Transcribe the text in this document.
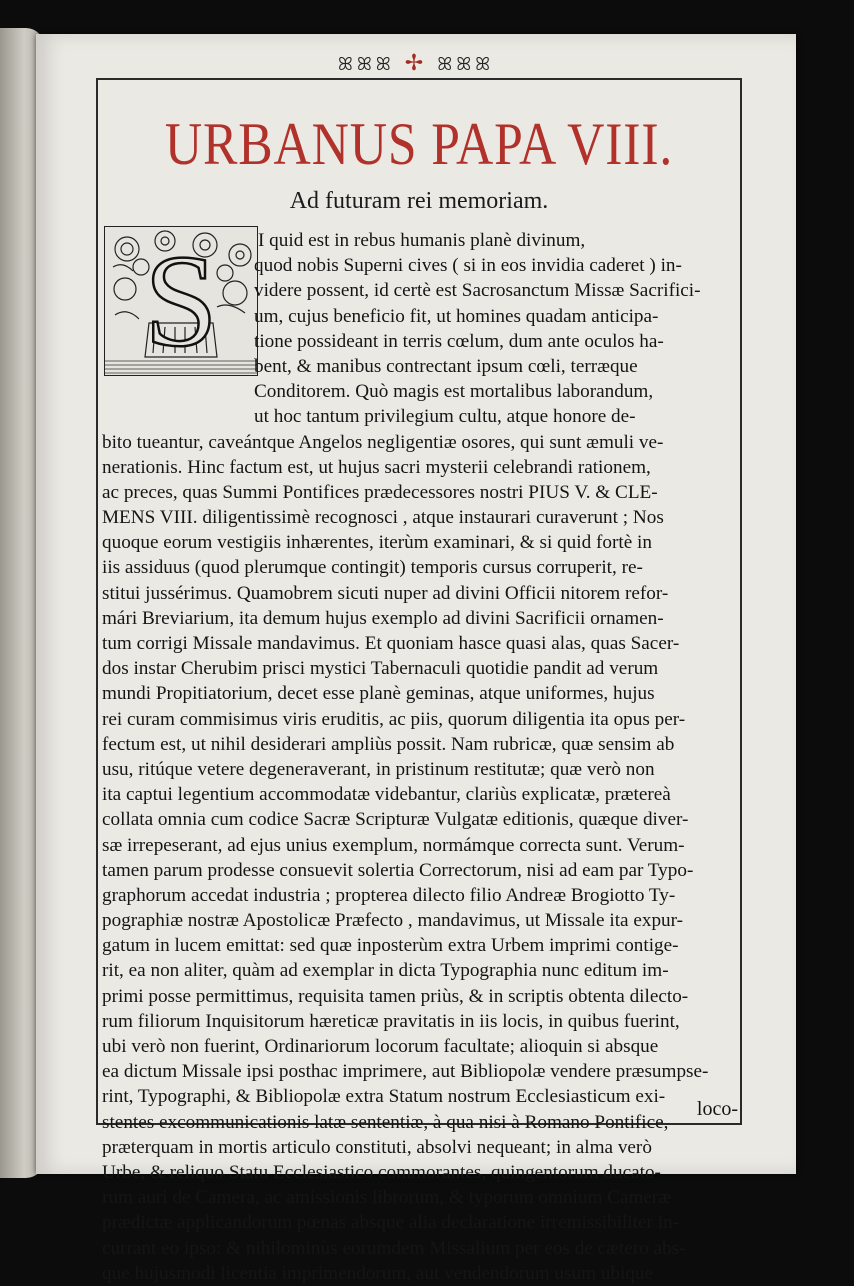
ꕤꕤꕤ ✢ ꕤꕤꕤ
URBANUS PAPA VIII.
Ad futuram rei memoriam.
S	I quid est in rebus humanis planè divinum,
quod nobis Superni cives ( si in eos invidia caderet ) in-
videre possent, id certè est Sacrosanctum Missæ Sacrifici-
um, cujus beneficio fit, ut homines quadam anticipa-
tione possideant in terris cœlum, dum ante oculos ha-
bent, & manibus contrectant ipsum cœli, terræque
Conditorem. Quò magis est mortalibus laborandum,
ut hoc tantum privilegium cultu, atque honore de-
bito tueantur, caveántque Angelos negligentiæ osores, qui sunt æmuli ve-
nerationis. Hinc factum est, ut hujus sacri mysterii celebrandi rationem,
ac preces, quas Summi Pontifices prædecessores nostri PIUS V. & CLE-
MENS VIII. diligentissimè recognosci , atque instaurari curaverunt ; Nos
quoque eorum vestigiis inhærentes, iterùm examinari, & si quid fortè in
iis assiduus (quod plerumque contingit) temporis cursus corruperit, re-
stitui jussérimus. Quamobrem sicuti nuper ad divini Officii nitorem refor-
mári Breviarium, ita demum hujus exemplo ad divini Sacrificii ornamen-
tum corrigi Missale mandavimus. Et quoniam hasce quasi alas, quas Sacer-
dos instar Cherubim prisci mystici Tabernaculi quotidie pandit ad verum
mundi Propitiatorium, decet esse planè geminas, atque uniformes, hujus
rei curam commisimus viris eruditis, ac piis, quorum diligentia ita opus per-
fectum est, ut nihil desiderari ampliùs possit. Nam rubricæ, quæ sensim ab
usu, ritúque vetere degeneraverant, in pristinum restitutæ; quæ verò non
ita captui legentium accommodatæ videbantur, clariùs explicatæ, prætereà
collata omnia cum codice Sacræ Scripturæ Vulgatæ editionis, quæque diver-
sæ irrepeserant, ad ejus unius exemplum, normámque correcta sunt. Verum-
tamen parum prodesse consuevit solertia Correctorum, nisi ad eam par Typo-
graphorum accedat industria ; propterea dilecto filio Andreæ Brogiotto Ty-
pographiæ nostræ Apostolicæ Præfecto , mandavimus, ut Missale ita expur-
gatum in lucem emittat: sed quæ inposterùm extra Urbem imprimi contige-
rit, ea non aliter, quàm ad exemplar in dicta Typographia nunc editum im-
primi posse permittimus, requisita tamen priùs, & in scriptis obtenta dilecto-
rum filiorum Inquisitorum hæreticæ pravitatis in iis locis, in quibus fuerint,
ubi verò non fuerint, Ordinariorum locorum facultate; alioquin si absque
ea dictum Missale ipsi posthac imprimere, aut Bibliopolæ vendere præsumpse-
rint, Typographi, & Bibliopolæ extra Statum nostrum Ecclesiasticum exi-
stentes excommunicationis latæ sententiæ, à qua nisi à Romano Pontifice,
præterquam in mortis articulo constituti, absolvi nequeant; in alma verò
Urbe, & reliquo Statu Ecclesiastico commorantes, quingentorum ducato-
rum auri de Camera, ac amissionis librorum, & typorum omnium Cameræ
prædictæ applicandorum pœnas absque alia declaratione irremissibiliter in-
currant eo ipso: & nihilominùs eorumdem Missalium per eos de cætero abs-
que hujusmodi licentia imprimendorum, aut vendendorum usum ubique
loco-
